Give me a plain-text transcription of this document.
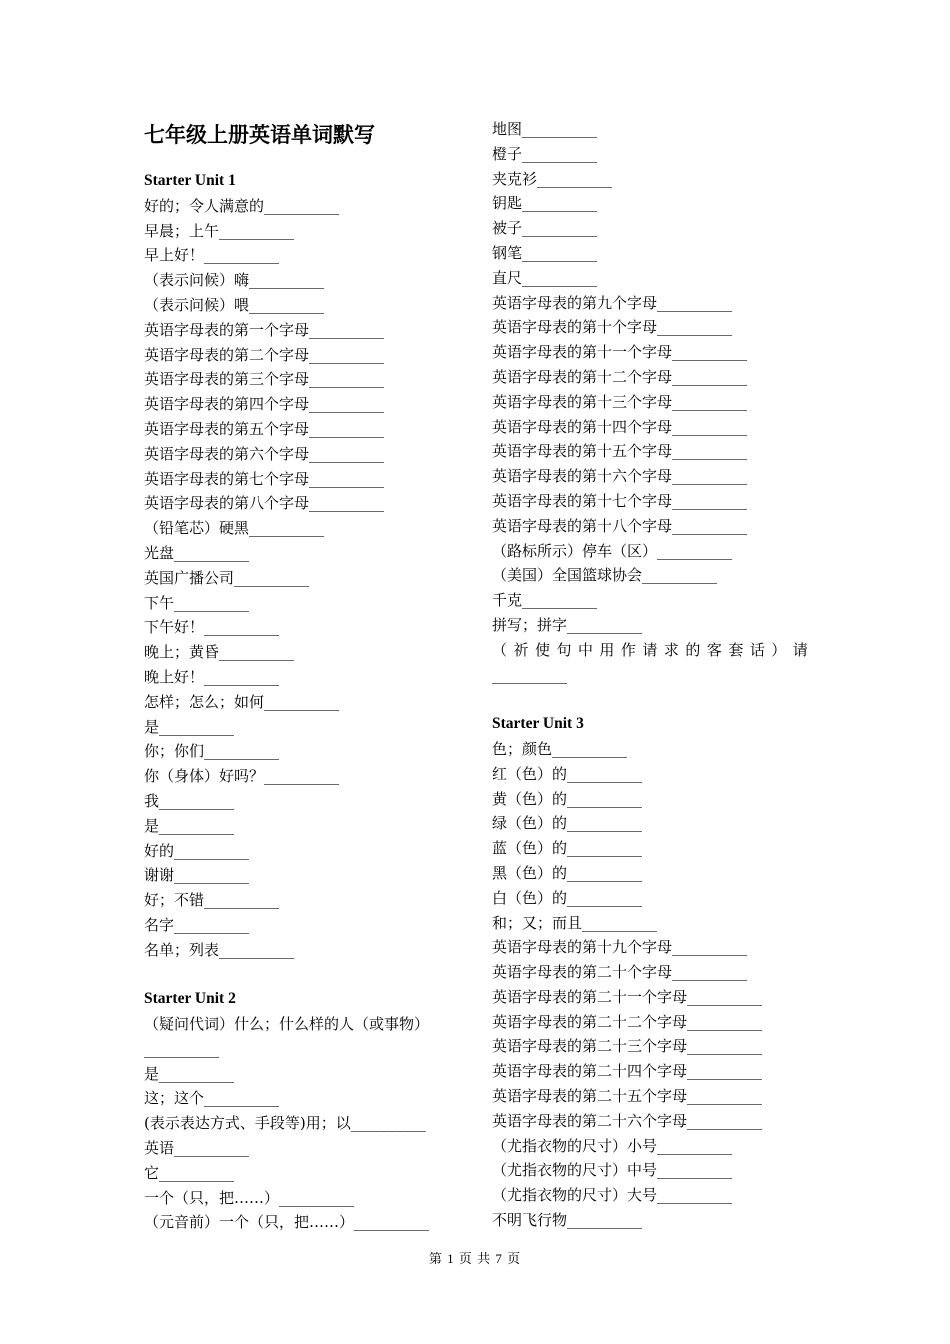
七年级上册英语单词默写
Starter Unit 1
好的；令人满意的__________
早晨；上午__________
早上好！__________
（表示问候）嗨__________
（表示问候）喂__________
英语字母表的第一个字母__________
英语字母表的第二个字母__________
英语字母表的第三个字母__________
英语字母表的第四个字母__________
英语字母表的第五个字母__________
英语字母表的第六个字母__________
英语字母表的第七个字母__________
英语字母表的第八个字母__________
（铅笔芯）硬黑__________
光盘__________
英国广播公司__________
下午__________
下午好！__________
晚上；黄昏__________
晚上好！__________
怎样；怎么；如何__________
是__________
你；你们__________
你（身体）好吗？__________
我__________
是__________
好的__________
谢谢__________
好；不错__________
名字__________
名单；列表__________
Starter Unit 2
（疑问代词）什么；什么样的人（或事物）
__________
是__________
这；这个__________
(表示表达方式、手段等)用；以__________
英语__________
它__________
一个（只，把……）__________
（元音前）一个（只，把……）__________
地图__________
橙子__________
夹克衫__________
钥匙__________
被子__________
钢笔__________
直尺__________
英语字母表的第九个字母__________
英语字母表的第十个字母__________
英语字母表的第十一个字母__________
英语字母表的第十二个字母__________
英语字母表的第十三个字母__________
英语字母表的第十四个字母__________
英语字母表的第十五个字母__________
英语字母表的第十六个字母__________
英语字母表的第十七个字母__________
英语字母表的第十八个字母__________
（路标所示）停车（区）__________
（美国）全国篮球协会__________
千克__________
拼写；拼字__________
（ 祈 使 句 中 用 作 请 求 的 客 套 话 ） 请
__________
Starter Unit 3
色；颜色__________
红（色）的__________
黄（色）的__________
绿（色）的__________
蓝（色）的__________
黑（色）的__________
白（色）的__________
和；又；而且__________
英语字母表的第十九个字母__________
英语字母表的第二十个字母__________
英语字母表的第二十一个字母__________
英语字母表的第二十二个字母__________
英语字母表的第二十三个字母__________
英语字母表的第二十四个字母__________
英语字母表的第二十五个字母__________
英语字母表的第二十六个字母__________
（尤指衣物的尺寸）小号__________
（尤指衣物的尺寸）中号__________
（尤指衣物的尺寸）大号__________
不明飞行物__________
第 1 页 共 7 页
